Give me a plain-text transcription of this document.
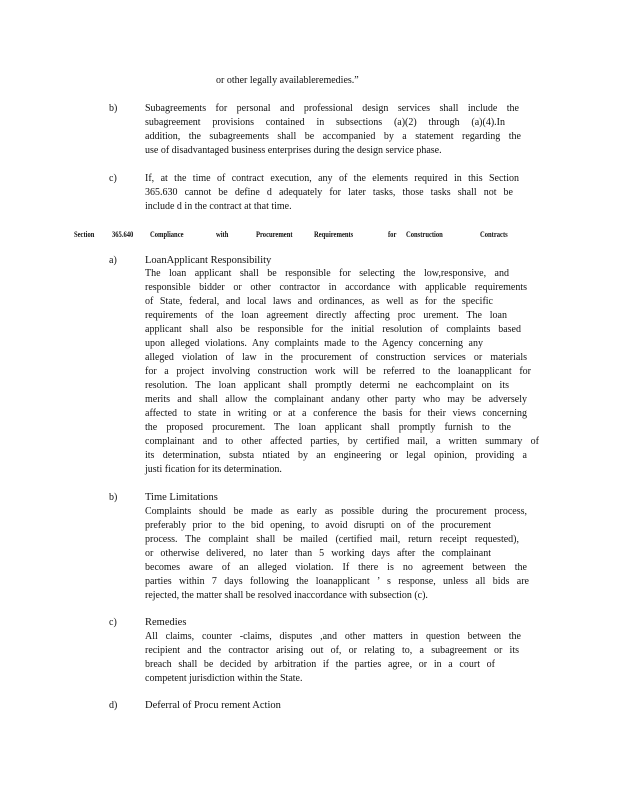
or other legally availableremedies.”
b)	Subagreements for personal and professional design services shall include the
subagreement provisions contained in subsections (a)(2) through (a)(4).In
addition, the subagreements shall be accompanied by a statement regarding the
use of disadvantaged business enterprises during the design service phase.
c)	If, at the time of contract execution, any of the elements required in this Section
365.630 cannot be define d adequately for later tasks, those tasks shall not be
include d in the contract at that time.
Section 365.640 Compliance	with	Procurement	Requirements	for Construction	Contracts
a)	LoanApplicant Responsibility
The loan applicant shall be responsible for selecting the low,responsive, and
responsible bidder or other contractor in accordance with applicable requirements
of State, federal, and local laws and ordinances, as well as for the specific
requirements of the loan agreement directly affecting proc urement. The loan
applicant shall also be responsible for the initial resolution of complaints based
upon alleged violations. Any complaints made to the Agency concerning any
alleged violation of law in the procurement of construction services or materials
for a project involving construction work will be referred to the loanapplicant for
resolution. The loan applicant shall promptly determi ne eachcomplaint on its
merits and shall allow the complainant andany other party who may be adversely
affected to state in writing or at a conference the basis for their views concerning
the proposed procurement. The loan applicant shall promptly furnish to the
complainant and to other affected parties, by certified mail, a written summary of
its determination, substa ntiated by an engineering or legal opinion, providing a
justi fication for its determination.
b)	Time Limitations
Complaints should be made as early as possible during the procurement process,
preferably prior to the bid opening, to avoid disrupti on of the procurement
process. The complaint shall be mailed (certified mail, return receipt requested),
or otherwise delivered, no later than 5 working days after the complainant
becomes aware of an alleged violation. If there is no agreement between the
parties within 7 days following the loanapplicant ’ s response, unless all bids are
rejected, the matter shall be resolved inaccordance with subsection (c).
c)	Remedies
All claims, counter -claims, disputes ,and other matters in question between the
recipient and the contractor arising out of, or relating to, a subagreement or its
breach shall be decided by arbitration if the parties agree, or in a court of
competent jurisdiction within the State.
d)	Deferral of Procu rement Action
